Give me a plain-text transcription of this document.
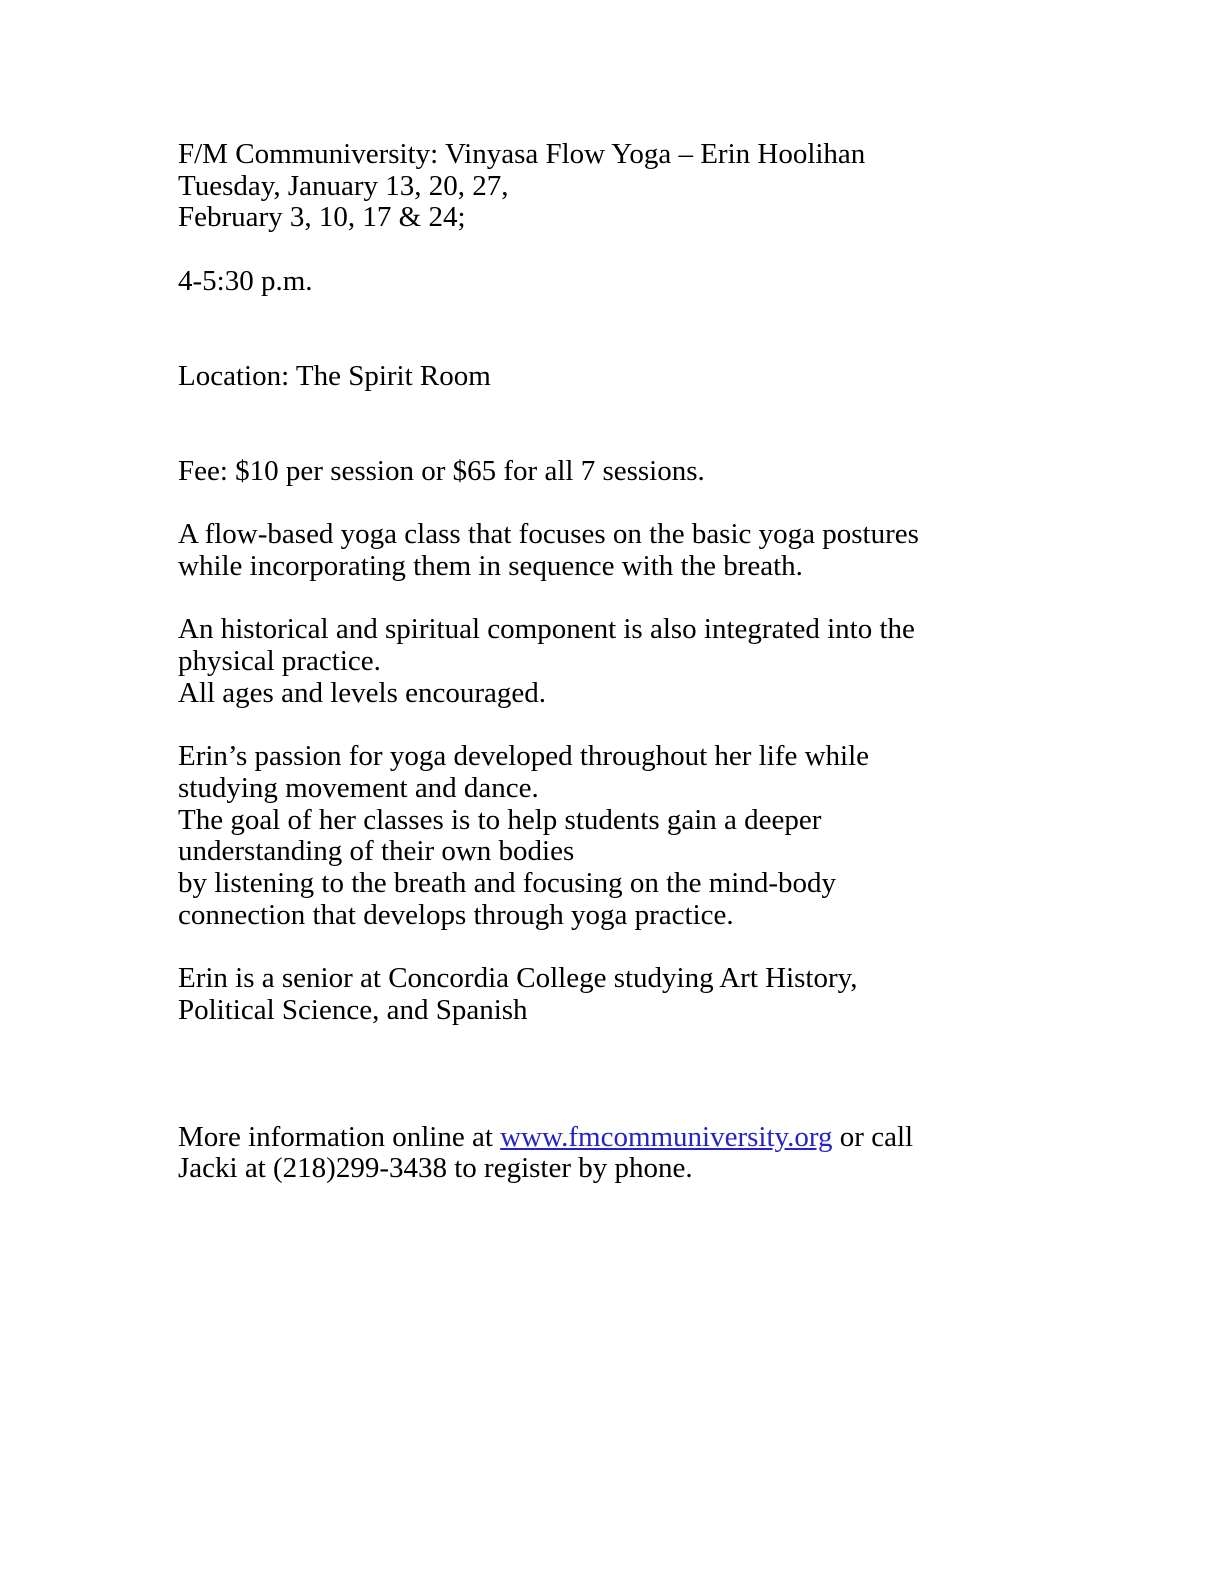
F/M Communiversity: Vinyasa Flow Yoga – Erin Hoolihan
Tuesday, January 13, 20, 27,
February 3, 10, 17 & 24;
4-5:30 p.m.
Location: The Spirit Room
Fee: $10 per session or $65 for all 7 sessions.
A flow-based yoga class that focuses on the basic yoga postures
while incorporating them in sequence with the breath.
An historical and spiritual component is also integrated into the
physical practice.
All ages and levels encouraged.
Erin’s passion for yoga developed throughout her life while
studying movement and dance.
The goal of her classes is to help students gain a deeper
understanding of their own bodies
by listening to the breath and focusing on the mind-body
connection that develops through yoga practice.
Erin is a senior at Concordia College studying Art History,
Political Science, and Spanish
More information online at www.fmcommuniversity.org or call
Jacki at (218)299-3438 to register by phone.
